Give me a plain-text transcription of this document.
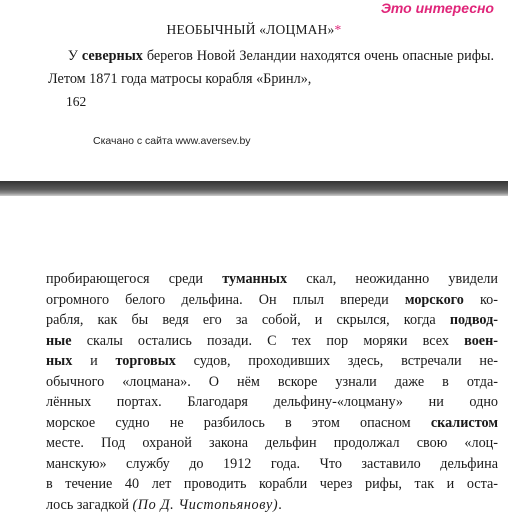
Это интересно
НЕОБЫЧНЫЙ «ЛОЦМАН»*

У северных берегов Новой Зеландии находятся очень опасные рифы. Летом 1871 года матросы корабля «Бринл»,

162
Скачано с сайта www.aversev.by

пробирающегося среди туманных скал, неожиданно увидели
огромного белого дельфина. Он плыл впереди морского ко-
рабля, как бы ведя его за собой, и скрылся, когда подвод-
ные скалы остались позади. С тех пор моряки всех воен-
ных и торговых судов, проходивших здесь, встречали не-
обычного «лоцмана». О нём вскоре узнали даже в отда-
лённых портах. Благодаря дельфину-«лоцману» ни одно
морское судно не разбилось в этом опасном скалистом
месте. Под охраной закона дельфин продолжал свою «лоц-
манскую» службу до 1912 года. Что заставило дельфина
в течение 40 лет проводить корабли через рифы, так и оста-
лось загадкой (По Д. Чистопьянову).
